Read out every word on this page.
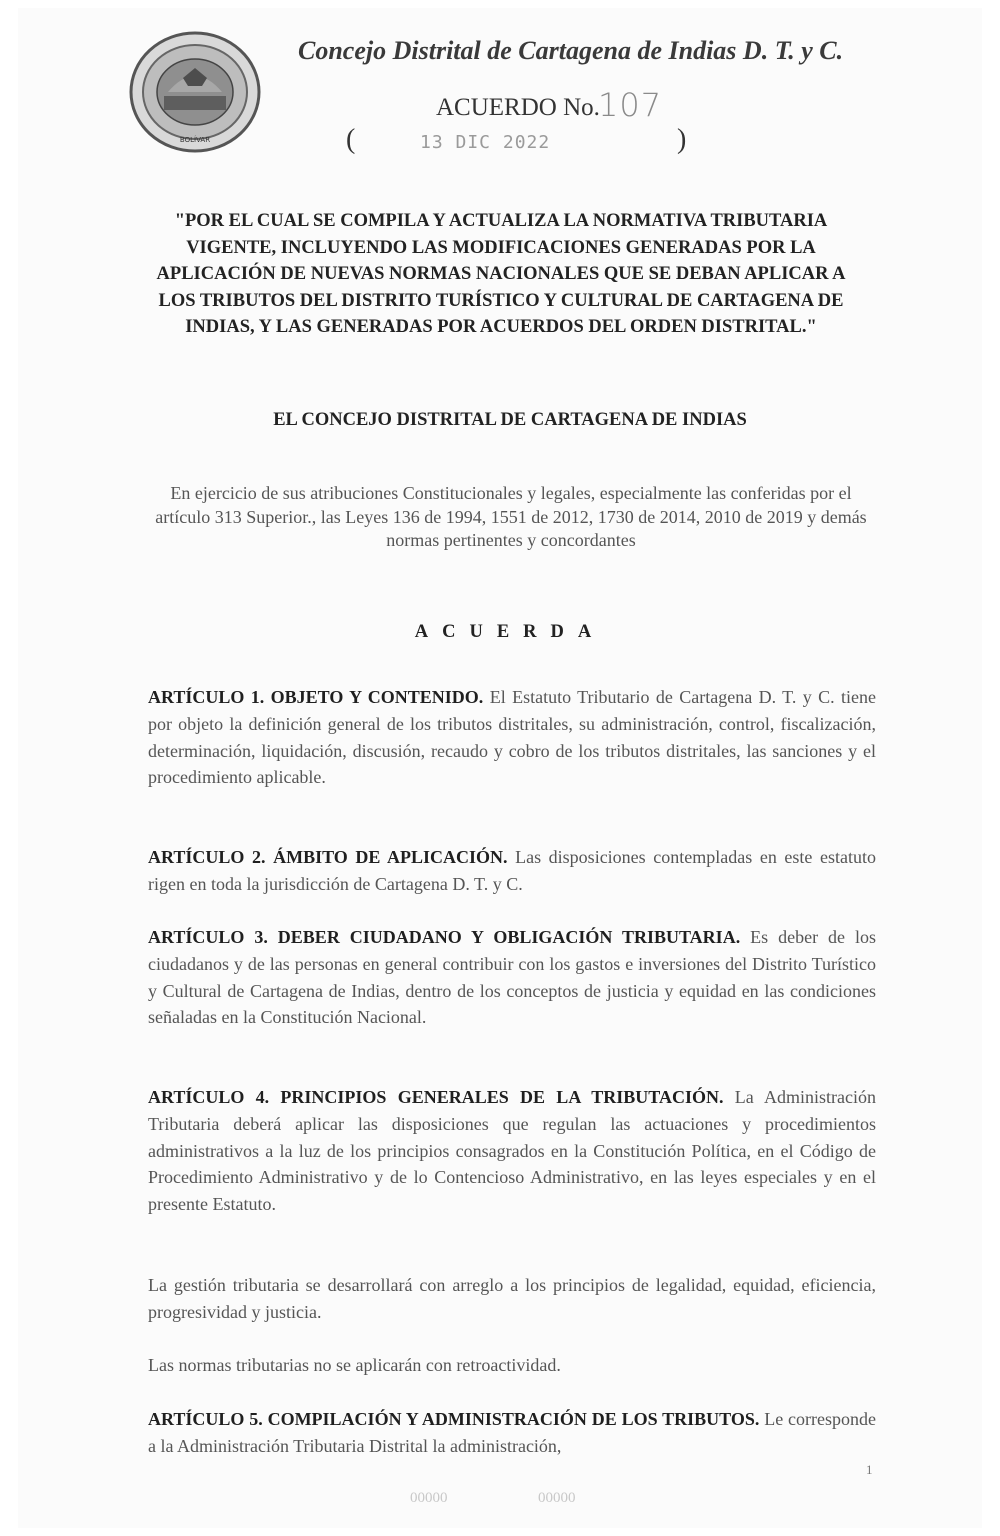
BOLÍVAR
Concejo Distrital de Cartagena de Indias D. T. y C.
ACUERDO No.
107
(	13 DIC 2022	)
"POR EL CUAL SE COMPILA Y ACTUALIZA LA NORMATIVA TRIBUTARIA VIGENTE, INCLUYENDO LAS MODIFICACIONES GENERADAS POR LA APLICACIÓN DE NUEVAS NORMAS NACIONALES QUE SE DEBAN APLICAR A LOS TRIBUTOS DEL DISTRITO TURÍSTICO Y CULTURAL DE CARTAGENA DE INDIAS, Y LAS GENERADAS POR ACUERDOS DEL ORDEN DISTRITAL."
EL CONCEJO DISTRITAL DE CARTAGENA DE INDIAS
En ejercicio de sus atribuciones Constitucionales y legales, especialmente las conferidas por el artículo 313 Superior., las Leyes 136 de 1994, 1551 de 2012, 1730 de 2014, 2010 de 2019 y demás normas pertinentes y concordantes
ACUERDA
ARTÍCULO 1. OBJETO Y CONTENIDO. El Estatuto Tributario de Cartagena D. T. y C. tiene por objeto la definición general de los tributos distritales, su administración, control, fiscalización, determinación, liquidación, discusión, recaudo y cobro de los tributos distritales, las sanciones y el procedimiento aplicable.
ARTÍCULO 2. ÁMBITO DE APLICACIÓN. Las disposiciones contempladas en este estatuto rigen en toda la jurisdicción de Cartagena D. T. y C.
ARTÍCULO 3. DEBER CIUDADANO Y OBLIGACIÓN TRIBUTARIA. Es deber de los ciudadanos y de las personas en general contribuir con los gastos e inversiones del Distrito Turístico y Cultural de Cartagena de Indias, dentro de los conceptos de justicia y equidad en las condiciones señaladas en la Constitución Nacional.
ARTÍCULO 4. PRINCIPIOS GENERALES DE LA TRIBUTACIÓN. La Administración Tributaria deberá aplicar las disposiciones que regulan las actuaciones y procedimientos administrativos a la luz de los principios consagrados en la Constitución Política, en el Código de Procedimiento Administrativo y de lo Contencioso Administrativo, en las leyes especiales y en el presente Estatuto.
La gestión tributaria se desarrollará con arreglo a los principios de legalidad, equidad, eficiencia, progresividad y justicia.
Las normas tributarias no se aplicarán con retroactividad.
ARTÍCULO 5. COMPILACIÓN Y ADMINISTRACIÓN DE LOS TRIBUTOS. Le corresponde a la Administración Tributaria Distrital la administración,
1
00000	00000
